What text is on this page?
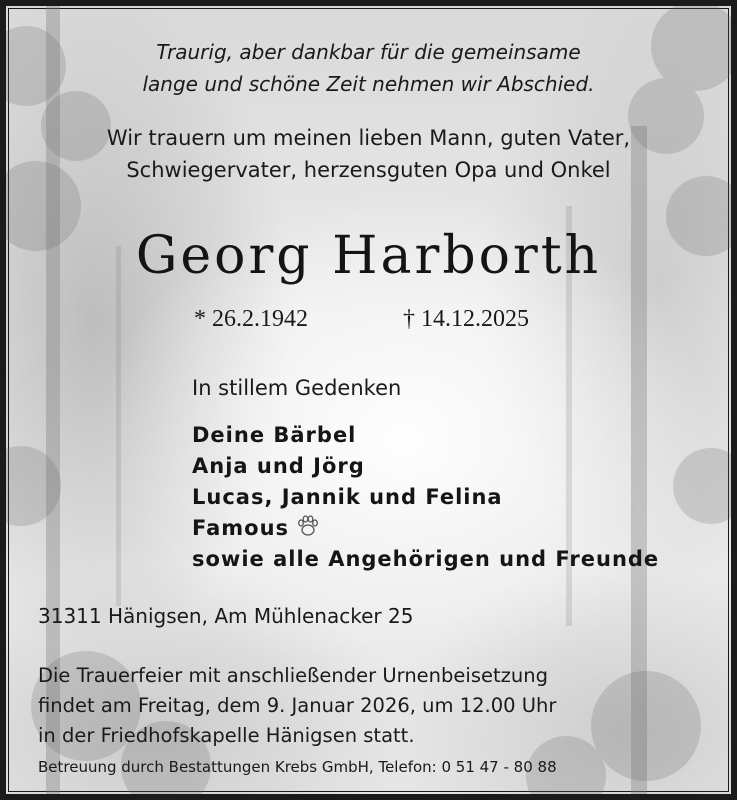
Traurig, aber dankbar für die gemeinsame
lange und schöne Zeit nehmen wir Abschied.
Wir trauern um meinen lieben Mann, guten Vater,
Schwiegervater, herzensguten Opa und Onkel
Georg Harborth
* 26.2.1942	† 14.12.2025
In stillem Gedenken
Deine Bärbel
Anja und Jörg
Lucas, Jannik und Felina
Famous
sowie alle Angehörigen und Freunde
31311 Hänigsen, Am Mühlenacker 25
Die Trauerfeier mit anschließender Urnenbeisetzung
findet am Freitag, dem 9. Januar 2026, um 12.00 Uhr
in der Friedhofskapelle Hänigsen statt.
Betreuung durch Bestattungen Krebs GmbH, Telefon: 0 51 47 - 80 88
